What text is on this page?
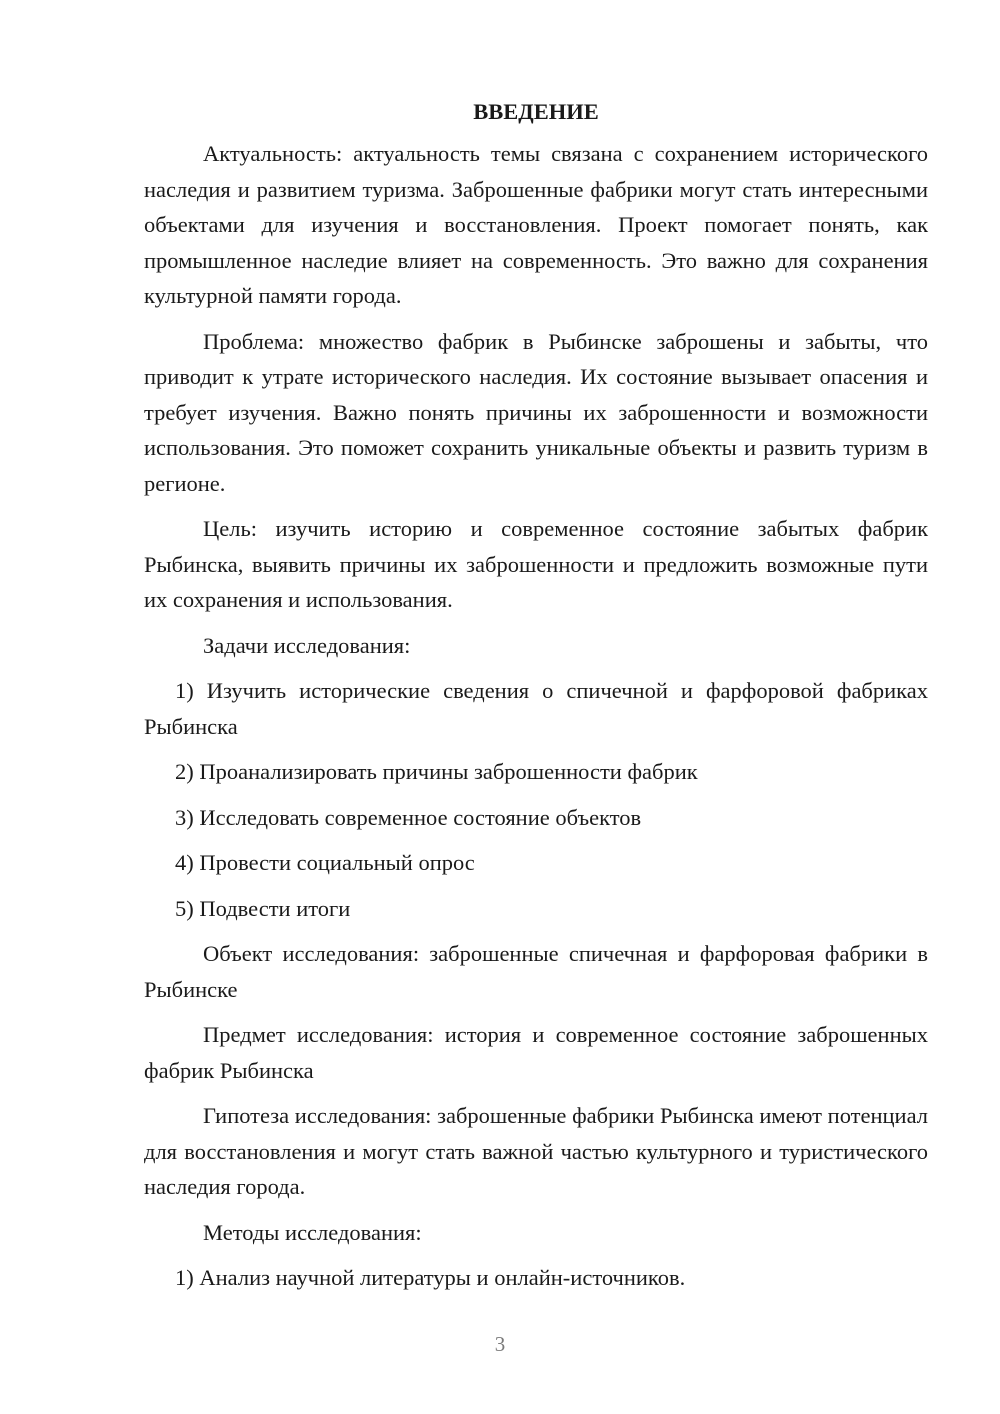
ВВЕДЕНИЕ

Актуальность: актуальность темы связана с сохранением исторического наследия и развитием туризма. Заброшенные фабрики могут стать интересными объектами для изучения и восстановления. Проект помогает понять, как промышленное наследие влияет на современность. Это важно для сохранения культурной памяти города.

Проблема: множество фабрик в Рыбинске заброшены и забыты, что приводит к утрате исторического наследия. Их состояние вызывает опасения и требует изучения. Важно понять причины их заброшенности и возможности использования. Это поможет сохранить уникальные объекты и развить туризм в регионе.

Цель: изучить историю и современное состояние забытых фабрик Рыбинска, выявить причины их заброшенности и предложить возможные пути их сохранения и использования.

Задачи исследования:

1) Изучить исторические сведения о спичечной и фарфоровой фабриках Рыбинска

2) Проанализировать причины заброшенности фабрик

3) Исследовать современное состояние объектов

4) Провести социальный опрос

5) Подвести итоги

Объект исследования: заброшенные спичечная и фарфоровая фабрики в Рыбинске

Предмет исследования: история и современное состояние заброшенных фабрик Рыбинска

Гипотеза исследования: заброшенные фабрики Рыбинска имеют потенциал для восстановления и могут стать важной частью культурного и туристического наследия города.

Методы исследования:

1) Анализ научной литературы и онлайн-источников.

3
